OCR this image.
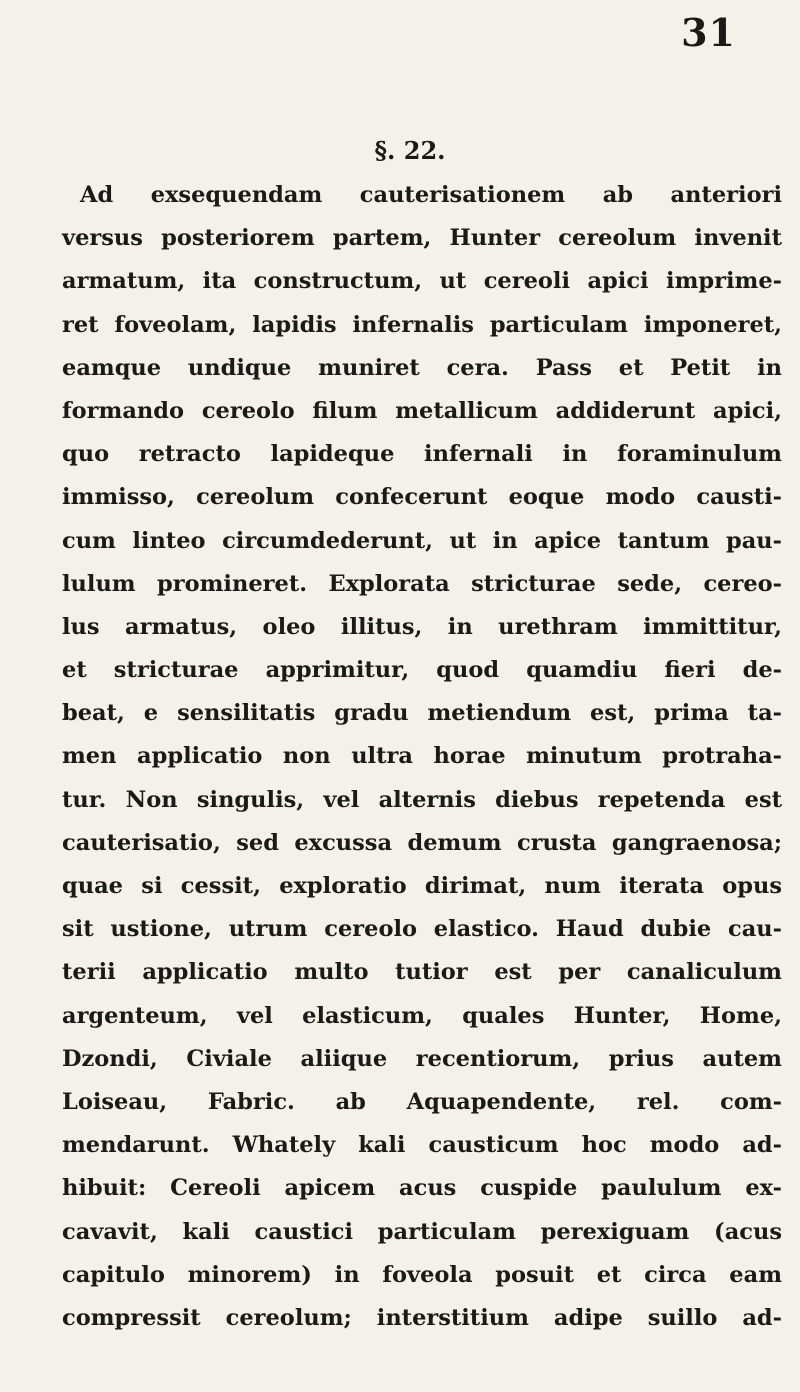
31
§. 22.
Ad exsequendam cauterisationem ab anteriori
versus posteriorem partem, Hunter cereolum invenit
armatum, ita constructum, ut cereoli apici imprime-
ret foveolam, lapidis infernalis particulam imponeret,
eamque undique muniret cera. Pass et Petit in
formando cereolo filum metallicum addiderunt apici,
quo retracto lapideque infernali in foraminulum
immisso, cereolum confecerunt eoque modo causti-
cum linteo circumdederunt, ut in apice tantum pau-
lulum promineret. Explorata stricturae sede, cereo-
lus armatus, oleo illitus, in urethram immittitur,
et stricturae apprimitur, quod quamdiu fieri de-
beat, e sensilitatis gradu metiendum est, prima ta-
men applicatio non ultra horae minutum protraha-
tur. Non singulis, vel alternis diebus repetenda est
cauterisatio, sed excussa demum crusta gangraenosa;
quae si cessit, exploratio dirimat, num iterata opus
sit ustione, utrum cereolo elastico. Haud dubie cau-
terii applicatio multo tutior est per canaliculum
argenteum, vel elasticum, quales Hunter, Home,
Dzondi, Civiale aliique recentiorum, prius autem
Loiseau, Fabric. ab Aquapendente, rel. com-
mendarunt. Whately kali causticum hoc modo ad-
hibuit: Cereoli apicem acus cuspide paululum ex-
cavavit, kali caustici particulam perexiguam (acus
capitulo minorem) in foveola posuit et circa eam
compressit cereolum; interstitium adipe suillo ad-
